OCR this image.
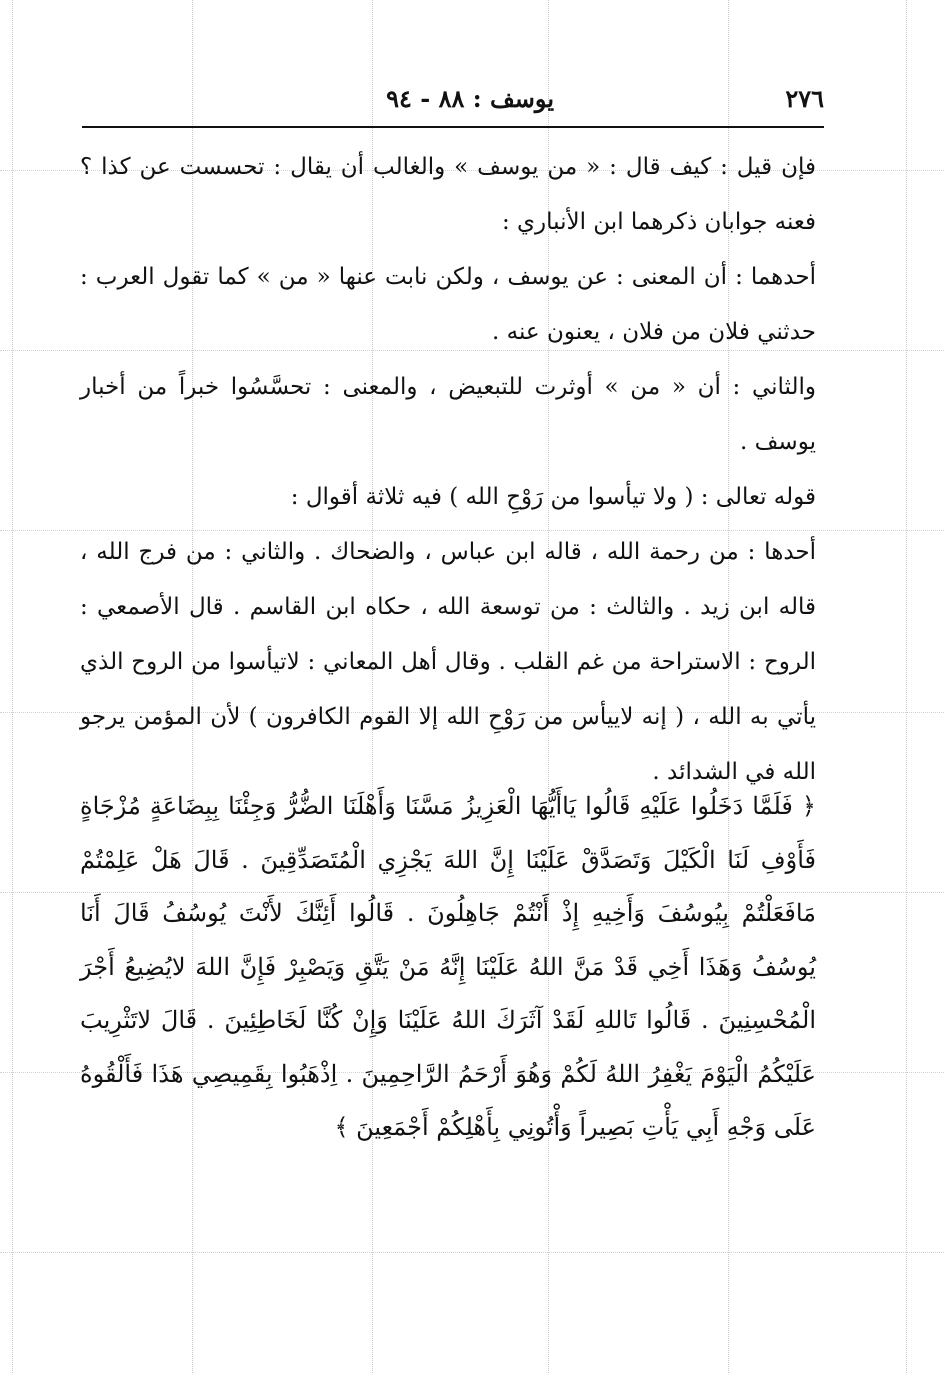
٢٧٦
يوسف : ٨٨ - ٩٤

فإن قيل : كيف قال : « من يوسف » والغالب أن يقال : تحسست عن كذا ؟ فعنه جوابان ذكرهما ابن الأنباري :

أحدهما : أن المعنى : عن يوسف ، ولكن نابت عنها « من » كما تقول العرب : حدثني فلان من فلان ، يعنون عنه .

والثاني : أن « من » أوثرت للتبعيض ، والمعنى : تحسَّسُوا خبراً من أخبار يوسف .

قوله تعالى : ( ولا تيأسوا من رَوْحِ الله ) فيه ثلاثة أقوال :

أحدها : من رحمة الله ، قاله ابن عباس ، والضحاك . والثاني : من فرج الله ، قاله ابن زيد . والثالث : من توسعة الله ، حكاه ابن القاسم . قال الأصمعي : الروح : الاستراحة من غم القلب . وقال أهل المعاني : لاتيأسوا من الروح الذي يأتي به الله ، ( إنه لاييأس من رَوْحِ الله إلا القوم الكافرون ) لأن المؤمن يرجو الله في الشدائد .

﴿ فَلَمَّا دَخَلُوا عَلَيْهِ قَالُوا يَاأَيُّهَا الْعَزِيزُ مَسَّنَا وَأَهْلَنَا الضُّرُّ وَجِئْنَا بِبِضَاعَةٍ مُزْجَاةٍ فَأَوْفِ لَنَا الْكَيْلَ وَتَصَدَّقْ عَلَيْنَا إِنَّ اللهَ يَجْزِي الْمُتَصَدِّقِينَ . قَالَ هَلْ عَلِمْتُمْ مَافَعَلْتُمْ بِيُوسُفَ وَأَخِيهِ إِذْ أَنْتُمْ جَاهِلُونَ . قَالُوا أَئِنَّكَ لأَنْتَ يُوسُفُ قَالَ أَنَا يُوسُفُ وَهَذَا أَخِي قَدْ مَنَّ اللهُ عَلَيْنَا إِنَّهُ مَنْ يَتَّقِ وَيَصْبِرْ فَإِنَّ اللهَ لايُضِيعُ أَجْرَ الْمُحْسِنِينَ . قَالُوا تَاللهِ لَقَدْ آثَرَكَ اللهُ عَلَيْنَا وَإِنْ كُنَّا لَخَاطِئِينَ . قَالَ لاتَثْرِيبَ عَلَيْكُمُ الْيَوْمَ يَغْفِرُ اللهُ لَكُمْ وَهُوَ أَرْحَمُ الرَّاحِمِينَ . اِذْهَبُوا بِقَمِيصِي هَذَا فَأَلْقُوهُ عَلَى وَجْهِ أَبِي يَأْتِ بَصِيراً وَأْتُونِي بِأَهْلِكُمْ أَجْمَعِينَ ﴾
